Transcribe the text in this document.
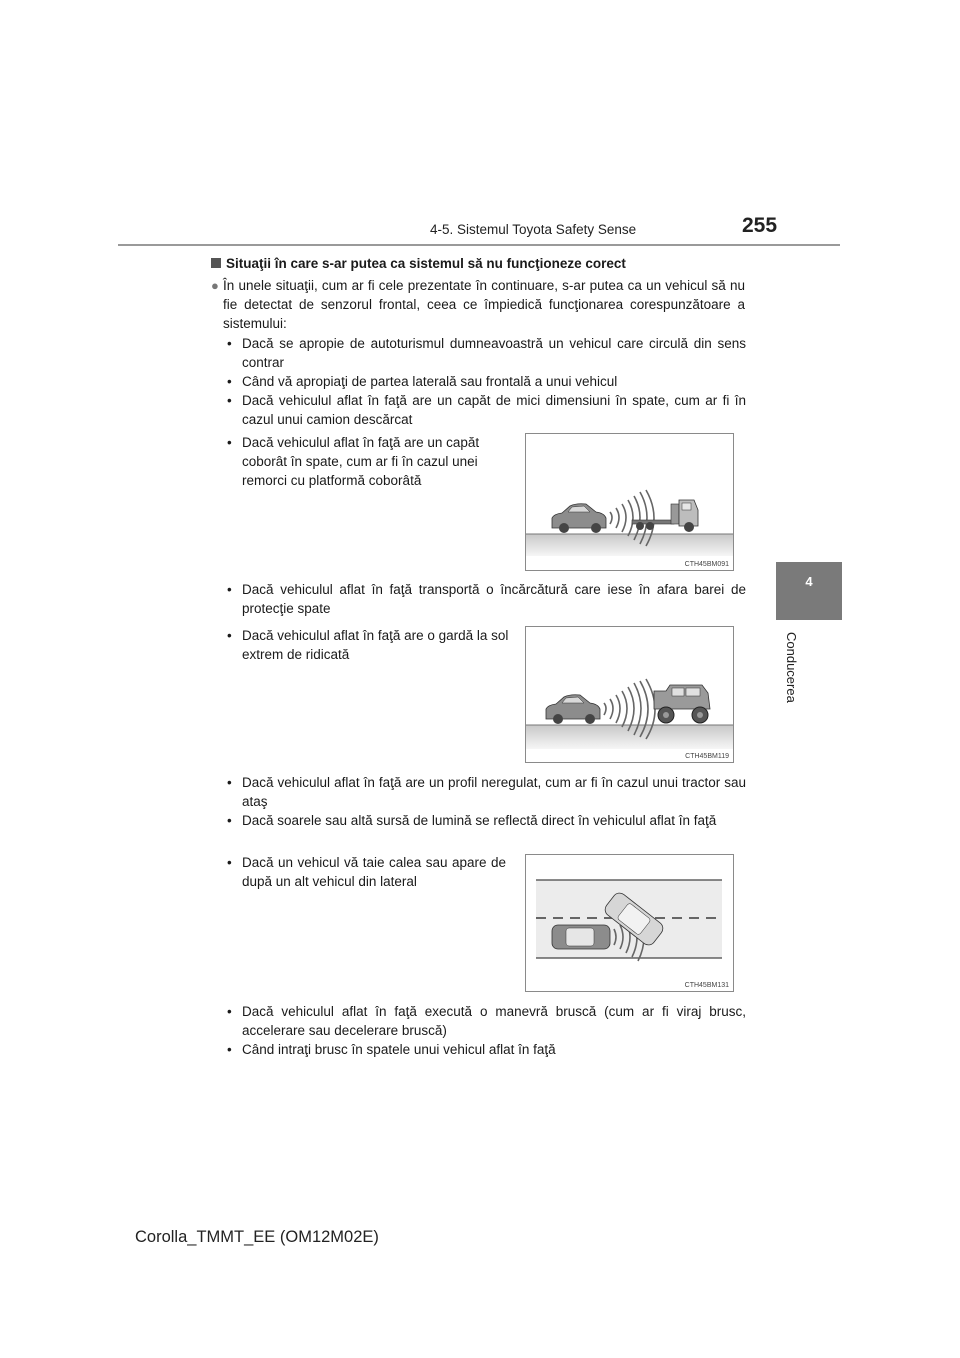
4-5. Sistemul Toyota Safety Sense	255
4
Conducerea
Situaţii în care s-ar putea ca sistemul să nu funcţioneze corect
● În unele situaţii, cum ar fi cele prezentate în continuare, s-ar putea ca un vehicul să nu fie detectat de senzorul frontal, ceea ce împiedică funcţionarea corespunzătoare a sistemului:
• Dacă se apropie de autoturismul dumneavoastră un vehicul care circulă din sens contrar
• Când vă apropiaţi de partea laterală sau frontală a unui vehicul
• Dacă vehiculul aflat în faţă are un capăt de mici dimensiuni în spate, cum ar fi în cazul unui camion descărcat
• Dacă vehiculul aflat în faţă are un capăt coborât în spate, cum ar fi în cazul unei remorci cu platformă coborâtă
CTH45BM091
• Dacă vehiculul aflat în faţă transportă o încărcătură care iese în afara barei de protecţie spate
• Dacă vehiculul aflat în faţă are o gardă la sol extrem de ridicată
CTH45BM119
• Dacă vehiculul aflat în faţă are un profil neregulat, cum ar fi în cazul unui tractor sau ataş
• Dacă soarele sau altă sursă de lumină se reflectă direct în vehiculul aflat în faţă
• Dacă un vehicul vă taie calea sau apare de după un alt vehicul din lateral
CTH45BM131
• Dacă vehiculul aflat în faţă execută o manevră bruscă (cum ar fi viraj brusc, accelerare sau decelerare bruscă)
• Când intraţi brusc în spatele unui vehicul aflat în faţă
Corolla_TMMT_EE (OM12M02E)
